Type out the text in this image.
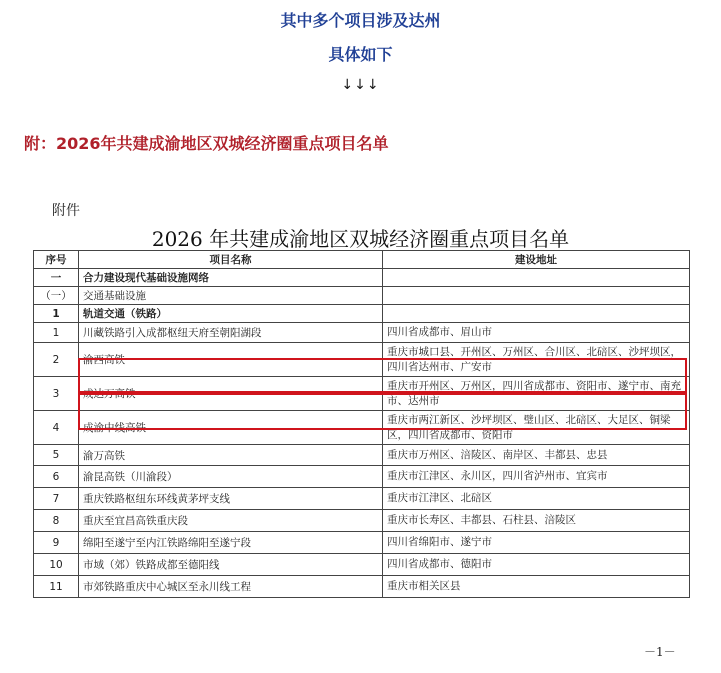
其中多个项目涉及达州
具体如下
↓↓↓
附：2026年共建成渝地区双城经济圈重点项目名单
附件
2026 年共建成渝地区双城经济圈重点项目名单
序号	项目名称	建设地址
一	合力建设现代基础设施网络	
（一）	交通基础设施	
1	轨道交通（铁路）	
1	川藏铁路引入成都枢纽天府至朝阳湖段	四川省成都市、眉山市
2	渝西高铁	重庆市城口县、开州区、万州区、合川区、北碚区、沙坪坝区，四川省达州市、广安市
3	成达万高铁	重庆市开州区、万州区，四川省成都市、资阳市、遂宁市、南充市、达州市
4	成渝中线高铁	重庆市两江新区、沙坪坝区、璧山区、北碚区、大足区、铜梁区，四川省成都市、资阳市
5	渝万高铁	重庆市万州区、涪陵区、南岸区、丰都县、忠县
6	渝昆高铁（川渝段）	重庆市江津区、永川区，四川省泸州市、宜宾市
7	重庆铁路枢纽东环线黄茅坪支线	重庆市江津区、北碚区
8	重庆至宜昌高铁重庆段	重庆市长寿区、丰都县、石柱县、涪陵区
9	绵阳至遂宁至内江铁路绵阳至遂宁段	四川省绵阳市、遂宁市
10	市域（郊）铁路成都至德阳线	四川省成都市、德阳市
11	市郊铁路重庆中心城区至永川线工程	重庆市相关区县
－1－
